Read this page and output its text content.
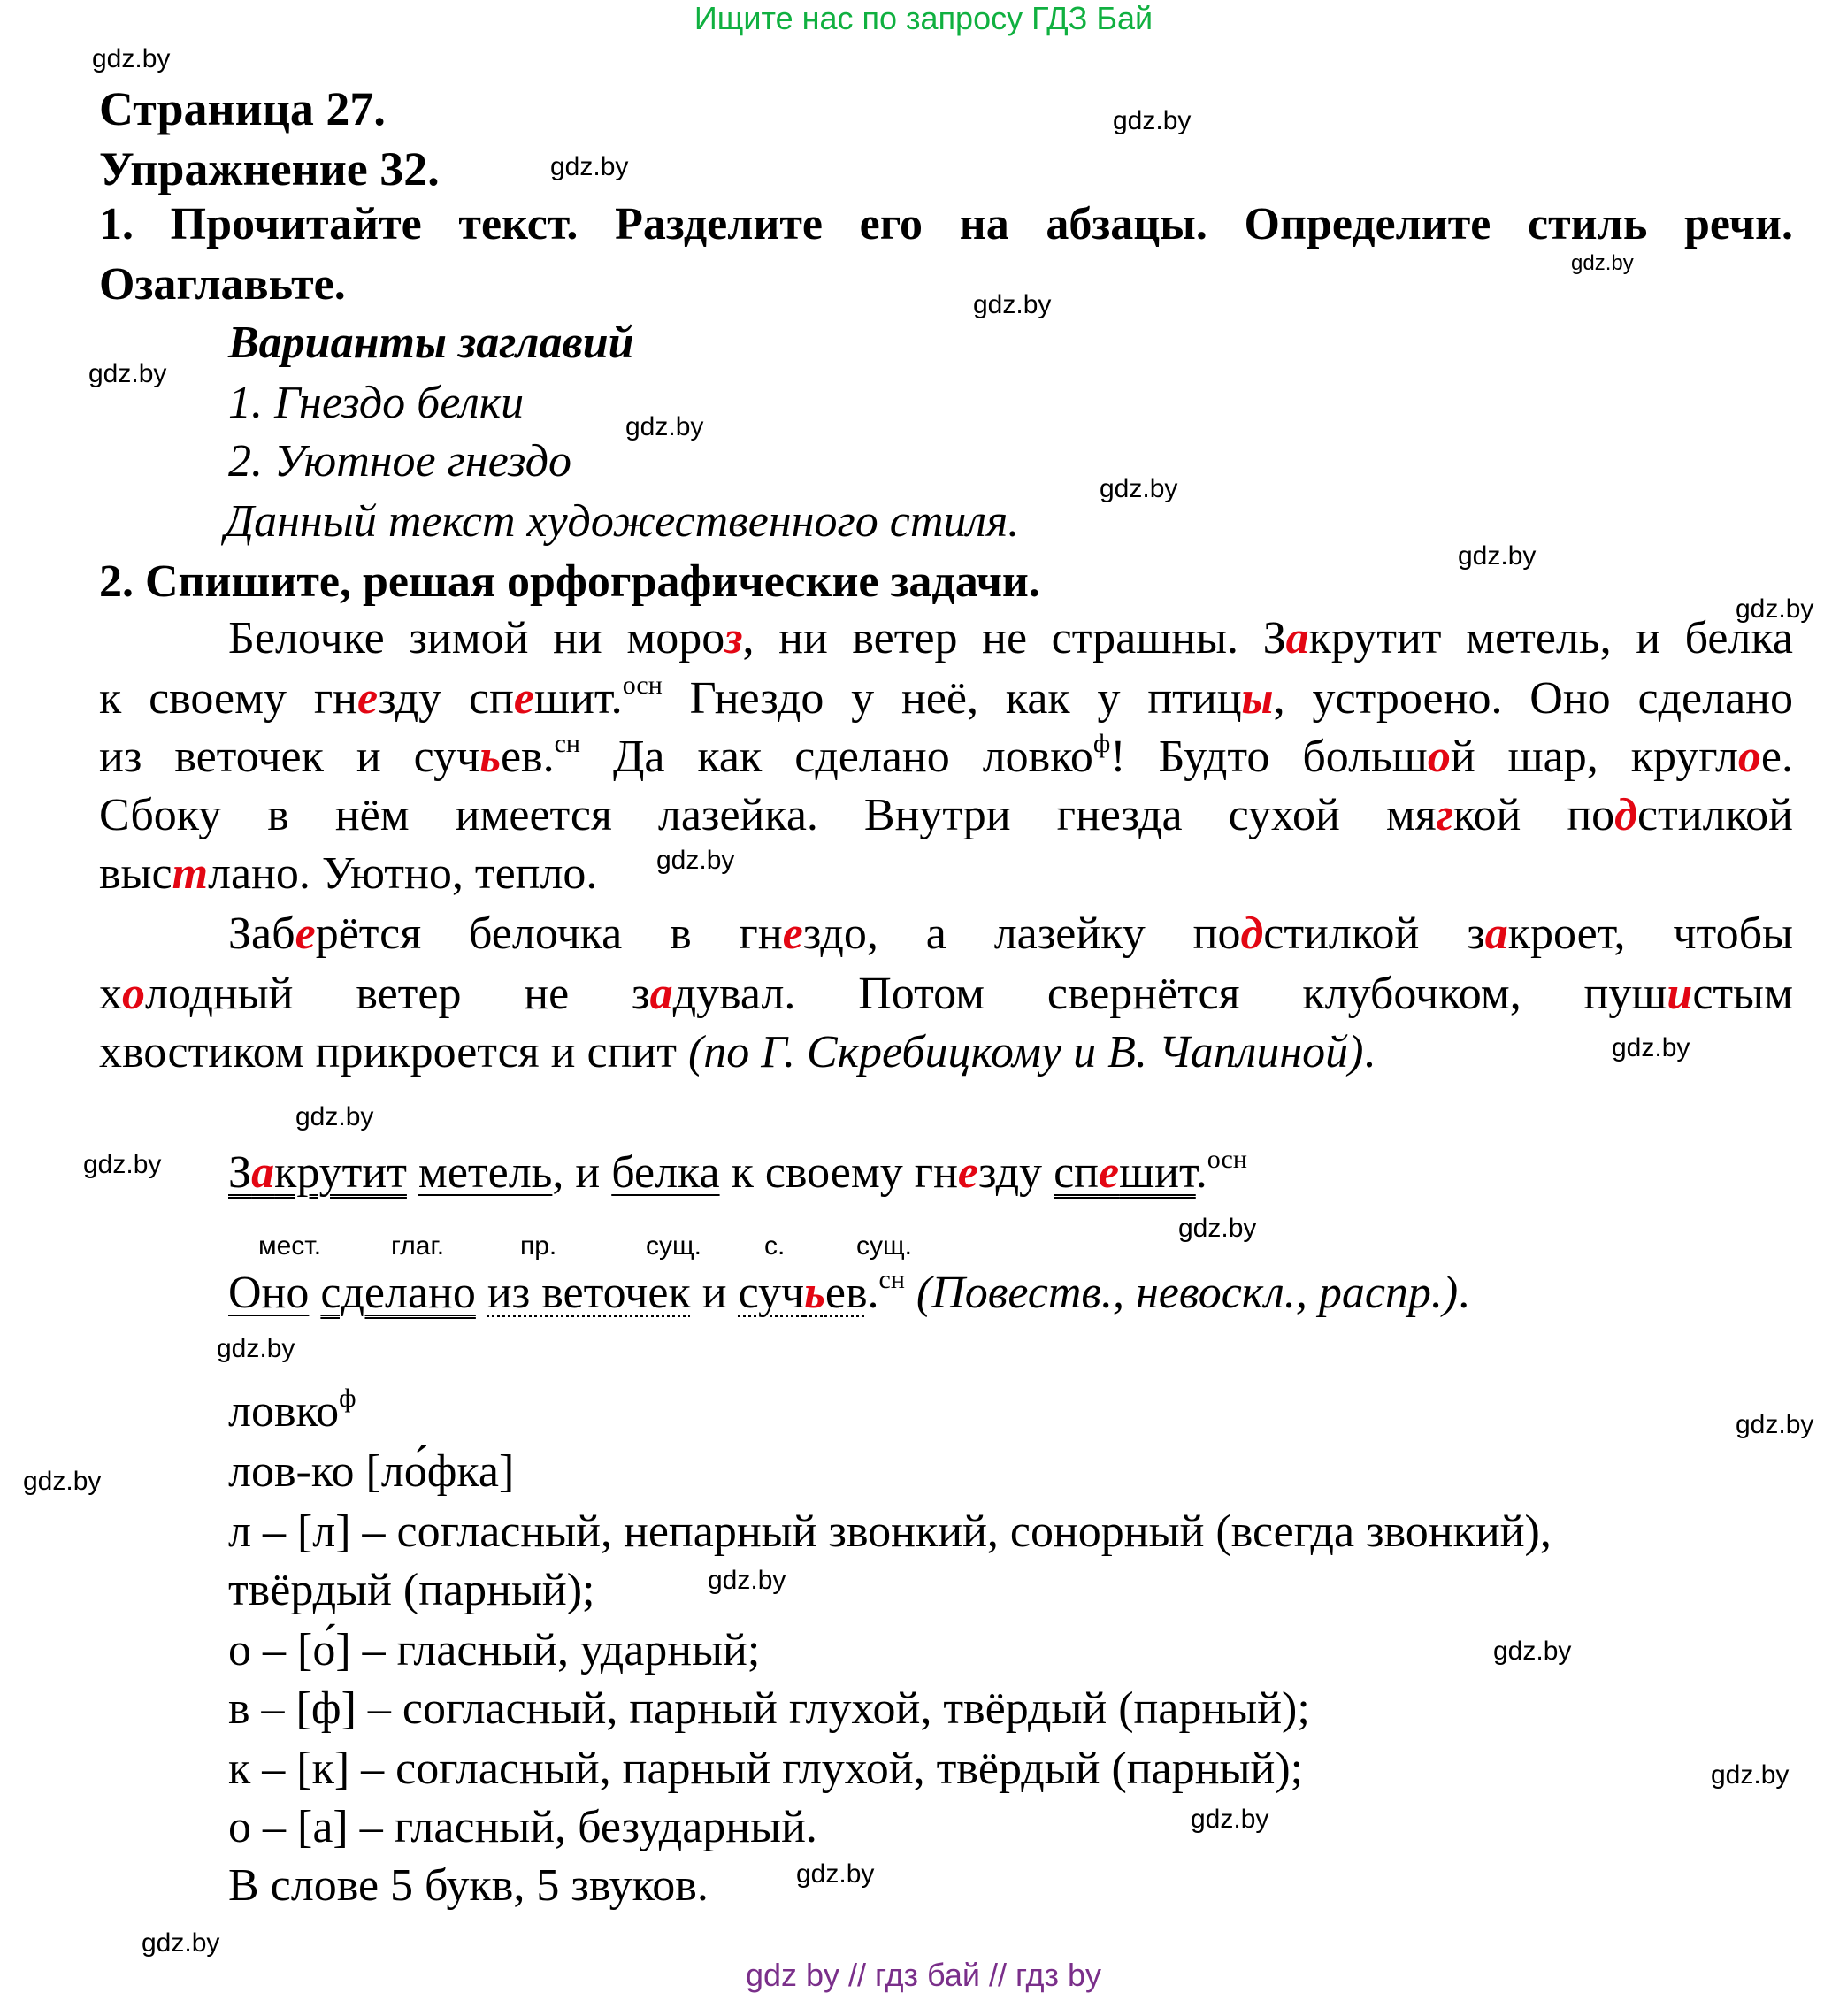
Ищите нас по запросу ГДЗ Бай
gdz.by
gdz.by
gdz.by
gdz.by
gdz.by
gdz.by
gdz.by
gdz.by
gdz.by
gdz.by
gdz.by
gdz.by
gdz.by
gdz.by
gdz.by
gdz.by
gdz.by
gdz.by
gdz.by
gdz.by
gdz.by
gdz.by
gdz.by
gdz.by
Страница 27.
Упражнение 32.
1. Прочитайте текст. Разделите его на абзацы. Определите стиль речи.
Озаглавьте.
Варианты заглавий
1. Гнездо белки
2. Уютное гнездо
Данный текст художественного стиля.
2. Спишите, решая орфографические задачи.
Белочке зимой ни мороз, ни ветер не страшны. Закрутит метель, и белка
к своему гнезду спешит.$^{осн}$ Гнездо у неё, как у птицы, устроено. Оно сделано
из веточек и сучьев.$^{сн}$ Да как сделано ловко$^ф$! Будто большой шар, круглое.
Сбоку в нём имеется лазейка. Внутри гнезда сухой мягкой подстилкой
выстлано. Уютно, тепло.
Заберётся белочка в гнездо, а лазейку подстилкой закроет, чтобы
холодный ветер не задувал. Потом свернётся клубочком, пушистым
хвостиком прикроется и спит (по Г. Скребицкому и В. Чаплиной).
Закрутит метель, и белка к своему гнезду спешит.$^{осн}$
мест.	глаг.	пр.	сущ. с.	сущ.
Оно сделано из веточек и сучьев.$^{сн}$ (Повеств., невоскл., распр.).
ловко$^ф$
лов-ко [ло́фка]
л – [л] – согласный, непарный звонкий, сонорный (всегда звонкий),
твёрдый (парный);
о – [о́] – гласный, ударный;
в – [ф] – согласный, парный глухой, твёрдый (парный);
к – [к] – согласный, парный глухой, твёрдый (парный);
о – [а] – гласный, безударный.
В слове 5 букв, 5 звуков.
gdz by // гдз бай // гдз by
